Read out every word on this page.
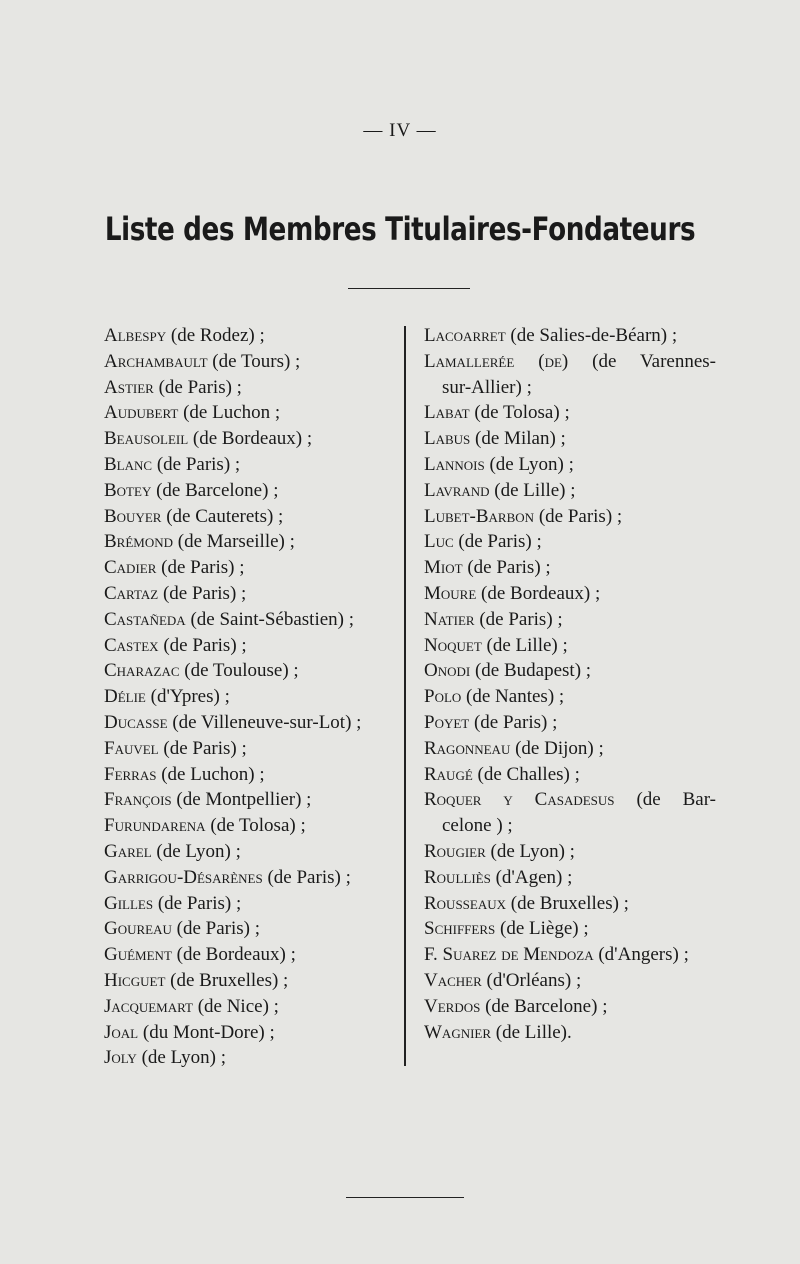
— IV —
Liste des Membres Titulaires-Fondateurs
Albespy (de Rodez) ;
Archambault (de Tours) ;
Astier (de Paris) ;
Audubert (de Luchon ;
Beausoleil (de Bordeaux) ;
Blanc (de Paris) ;
Botey (de Barcelone) ;
Bouyer (de Cauterets) ;
Brémond (de Marseille) ;
Cadier (de Paris) ;
Cartaz (de Paris) ;
Castañeda (de Saint-Sébastien) ;
Castex (de Paris) ;
Charazac (de Toulouse) ;
Délie (d'Ypres) ;
Ducasse (de Villeneuve-sur-Lot) ;
Fauvel (de Paris) ;
Ferras (de Luchon) ;
François (de Montpellier) ;
Furundarena (de Tolosa) ;
Garel (de Lyon) ;
Garrigou-Désarènes (de Paris) ;
Gilles (de Paris) ;
Goureau (de Paris) ;
Guément (de Bordeaux) ;
Hicguet (de Bruxelles) ;
Jacquemart (de Nice) ;
Joal (du Mont-Dore) ;
Joly (de Lyon) ;
Lacoarret (de Salies-de-Béarn) ;
Lamallerée (de) (de Varennes-
sur-Allier) ;
Labat (de Tolosa) ;
Labus (de Milan) ;
Lannois (de Lyon) ;
Lavrand (de Lille) ;
Lubet-Barbon (de Paris) ;
Luc (de Paris) ;
Miot (de Paris) ;
Moure (de Bordeaux) ;
Natier (de Paris) ;
Noquet (de Lille) ;
Onodi (de Budapest) ;
Polo (de Nantes) ;
Poyet (de Paris) ;
Ragonneau (de Dijon) ;
Raugé (de Challes) ;
Roquer y Casadesus (de Bar-
celone ) ;
Rougier (de Lyon) ;
Roulliès (d'Agen) ;
Rousseaux (de Bruxelles) ;
Schiffers (de Liège) ;
F. Suarez de Mendoza (d'Angers) ;
Vacher (d'Orléans) ;
Verdos (de Barcelone) ;
Wagnier (de Lille).
